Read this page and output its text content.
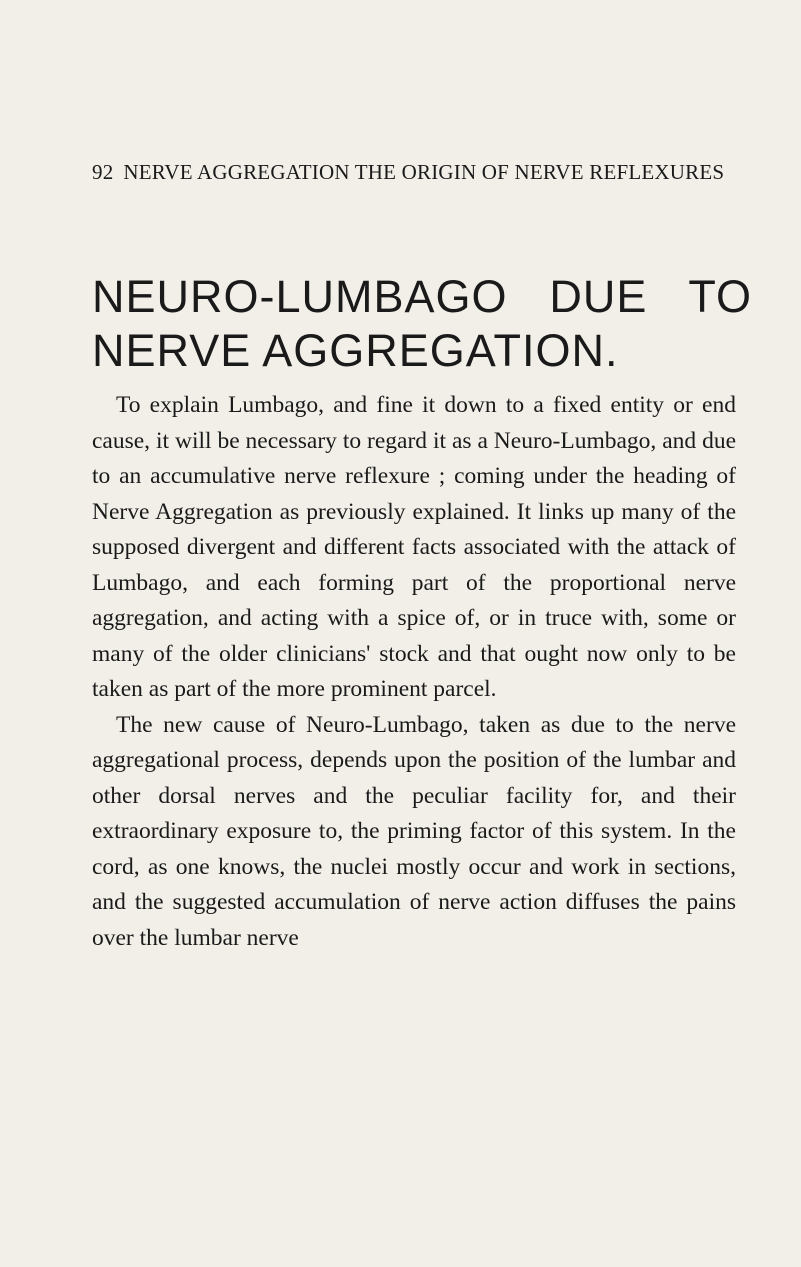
92 NERVE AGGREGATION THE ORIGIN OF NERVE REFLEXURES
NEURO-LUMBAGO DUE TO
NERVE AGGREGATION.

To explain Lumbago, and fine it down to a fixed entity or end cause, it will be necessary to regard it as a Neuro-Lumbago, and due to an accumulative nerve reflexure ; coming under the heading of Nerve Aggregation as previously explained. It links up many of the supposed divergent and different facts associated with the attack of Lumbago, and each forming part of the proportional nerve aggregation, and acting with a spice of, or in truce with, some or many of the older clinicians' stock and that ought now only to be taken as part of the more prominent parcel.

The new cause of Neuro-Lumbago, taken as due to the nerve aggregational process, depends upon the position of the lumbar and other dorsal nerves and the peculiar facility for, and their extraordinary exposure to, the priming factor of this system. In the cord, as one knows, the nuclei mostly occur and work in sections, and the suggested accumulation of nerve action diffuses the pains over the lumbar nerve
